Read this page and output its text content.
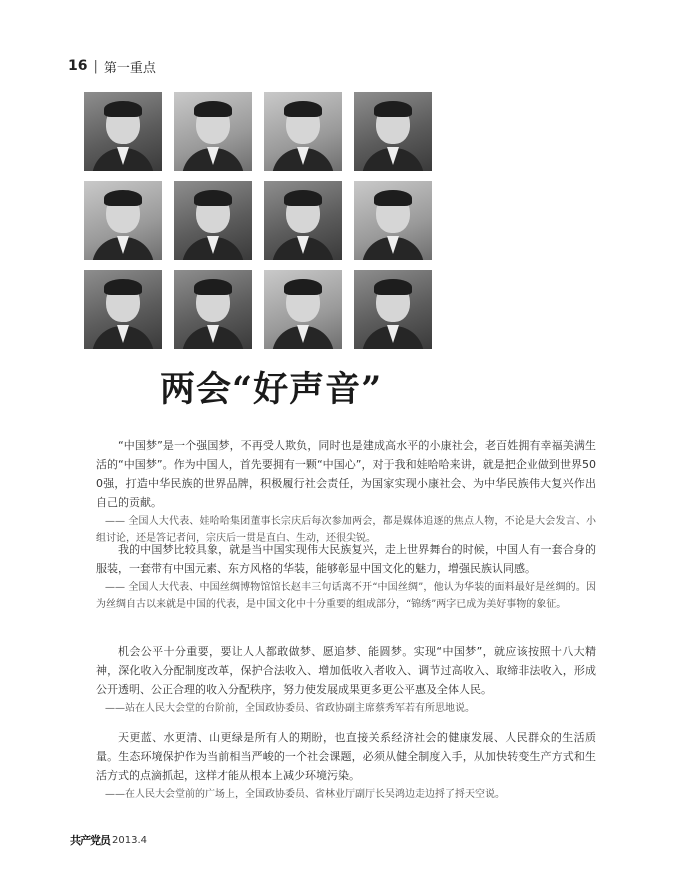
16 | 第一重点
两会“好声音”

“中国梦”是一个强国梦，不再受人欺负，同时也是建成高水平的小康社会，老百姓拥有幸福美满生活的“中国梦”。作为中国人，首先要拥有一颗“中国心”，对于我和娃哈哈来讲，就是把企业做到世界500强，打造中华民族的世界品牌，积极履行社会责任，为国家实现小康社会、为中华民族伟大复兴作出自己的贡献。

—— 全国人大代表、娃哈哈集团董事长宗庆后每次参加两会，都是媒体追逐的焦点人物，不论是大会发言、小组讨论，还是答记者问，宗庆后一贯是直白、生动，还很尖锐。

我的中国梦比较具象，就是当中国实现伟大民族复兴，走上世界舞台的时候，中国人有一套合身的服装，一套带有中国元素、东方风格的华装，能够彰显中国文化的魅力，增强民族认同感。

—— 全国人大代表、中国丝绸博物馆馆长赵丰三句话离不开“中国丝绸”，他认为华装的面料最好是丝绸的。因为丝绸自古以来就是中国的代表，是中国文化中十分重要的组成部分，“锦绣”两字已成为美好事物的象征。

机会公平十分重要，要让人人都敢做梦、愿追梦、能圆梦。实现“中国梦”，就应该按照十八大精神，深化收入分配制度改革，保护合法收入、增加低收入者收入、调节过高收入、取缔非法收入，形成公开透明、公正合理的收入分配秩序，努力使发展成果更多更公平惠及全体人民。

——站在人民大会堂的台阶前，全国政协委员、省政协副主席蔡秀军若有所思地说。

天更蓝、水更清、山更绿是所有人的期盼，也直接关系经济社会的健康发展、人民群众的生活质量。生态环境保护作为当前相当严峻的一个社会课题，必须从健全制度入手，从加快转变生产方式和生活方式的点滴抓起，这样才能从根本上减少环境污染。

——在人民大会堂前的广场上，全国政协委员、省林业厅副厅长吴鸿边走边捋了捋天空说。

共产党员 2013.4
